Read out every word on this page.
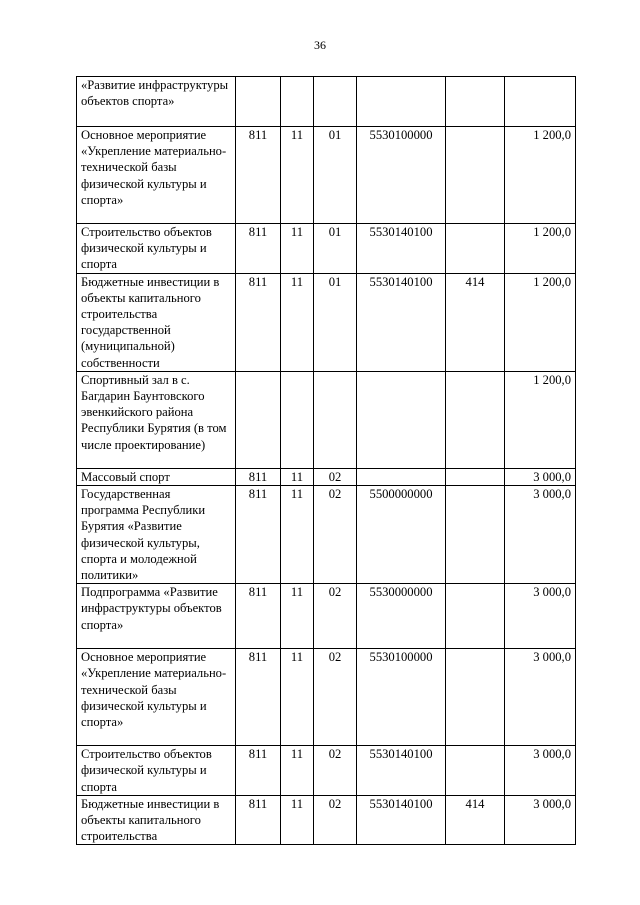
36
«Развитие инфраструктуры объектов спорта»						
Основное мероприятие «Укрепление материально-технической базы физической культуры и спорта»	811	11	01	5530100000		1 200,0
Строительство объектов физической культуры и спорта	811	11	01	5530140100		1 200,0
Бюджетные инвестиции в объекты капитального строительства государственной (муниципальной) собственности	811	11	01	5530140100	414	1 200,0
Спортивный зал в с. Багдарин Баунтовского эвенкийского района Республики Бурятия (в том числе проектирование)						1 200,0
Массовый спорт	811	11	02			3 000,0
Государственная программа Республики Бурятия «Развитие физической культуры, спорта и молодежной политики»	811	11	02	5500000000		3 000,0
Подпрограмма «Развитие инфраструктуры объектов спорта»	811	11	02	5530000000		3 000,0
Основное мероприятие «Укрепление материально-технической базы физической культуры и спорта»	811	11	02	5530100000		3 000,0
Строительство объектов физической культуры и спорта	811	11	02	5530140100		3 000,0
Бюджетные инвестиции в объекты капитального строительства	811	11	02	5530140100	414	3 000,0
